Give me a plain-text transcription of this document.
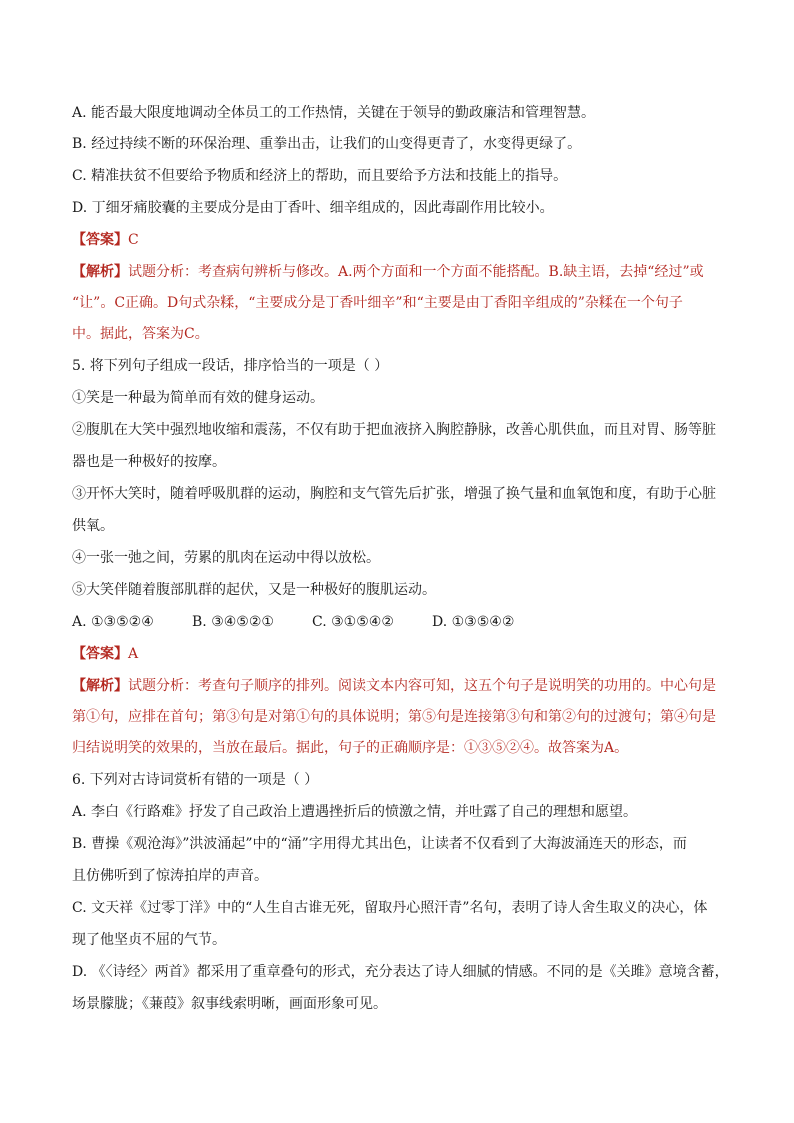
A. 能否最大限度地调动全体员工的工作热情，关键在于领导的勤政廉洁和管理智慧。
B. 经过持续不断的环保治理、重拳出击，让我们的山变得更青了，水变得更绿了。
C. 精准扶贫不但要给予物质和经济上的帮助，而且要给予方法和技能上的指导。
D. 丁细牙痛胶囊的主要成分是由丁香叶、细辛组成的，因此毒副作用比较小。
【答案】C
【解析】试题分析：考查病句辨析与修改。A.两个方面和一个方面不能搭配。B.缺主语，去掉“经过”或
“让”。C正确。D句式杂糅，“主要成分是丁香叶细辛”和“主要是由丁香阳辛组成的”杂糅在一个句子
中。据此，答案为C。
5. 将下列句子组成一段话，排序恰当的一项是（ ）
①笑是一种最为简单而有效的健身运动。
②腹肌在大笑中强烈地收缩和震荡，不仅有助于把血液挤入胸腔静脉，改善心肌供血，而且对胃、肠等脏
器也是一种极好的按摩。
③开怀大笑时，随着呼吸肌群的运动，胸腔和支气管先后扩张，增强了换气量和血氧饱和度，有助于心脏
供氧。
④一张一弛之间，劳累的肌肉在运动中得以放松。
⑤大笑伴随着腹部肌群的起伏，又是一种极好的腹肌运动。
A. ①③⑤②④	B. ③④⑤②①	C. ③①⑤④②	D. ①③⑤④②
【答案】A
【解析】试题分析：考查句子顺序的排列。阅读文本内容可知，这五个句子是说明笑的功用的。中心句是
第①句，应排在首句；第③句是对第①句的具体说明；第⑤句是连接第③句和第②句的过渡句；第④句是
归结说明笑的效果的，当放在最后。据此，句子的正确顺序是：①③⑤②④。故答案为A。
6. 下列对古诗词赏析有错的一项是（ ）
A. 李白《行路难》抒发了自己政治上遭遇挫折后的愤激之情，并吐露了自己的理想和愿望。
B. 曹操《观沧海》”洪波涌起”中的“涌”字用得尤其出色，让读者不仅看到了大海波涌连天的形态，而
且仿佛听到了惊涛拍岸的声音。
C. 文天祥《过零丁洋》中的“人生自古谁无死，留取丹心照汗青”名句，表明了诗人舍生取义的决心，体
现了他坚贞不屈的气节。
D. 《〈诗经〉两首》都采用了重章叠句的形式，充分表达了诗人细腻的情感。不同的是《关雎》意境含蓄，
场景朦胧；《蒹葭》叙事线索明晰，画面形象可见。
